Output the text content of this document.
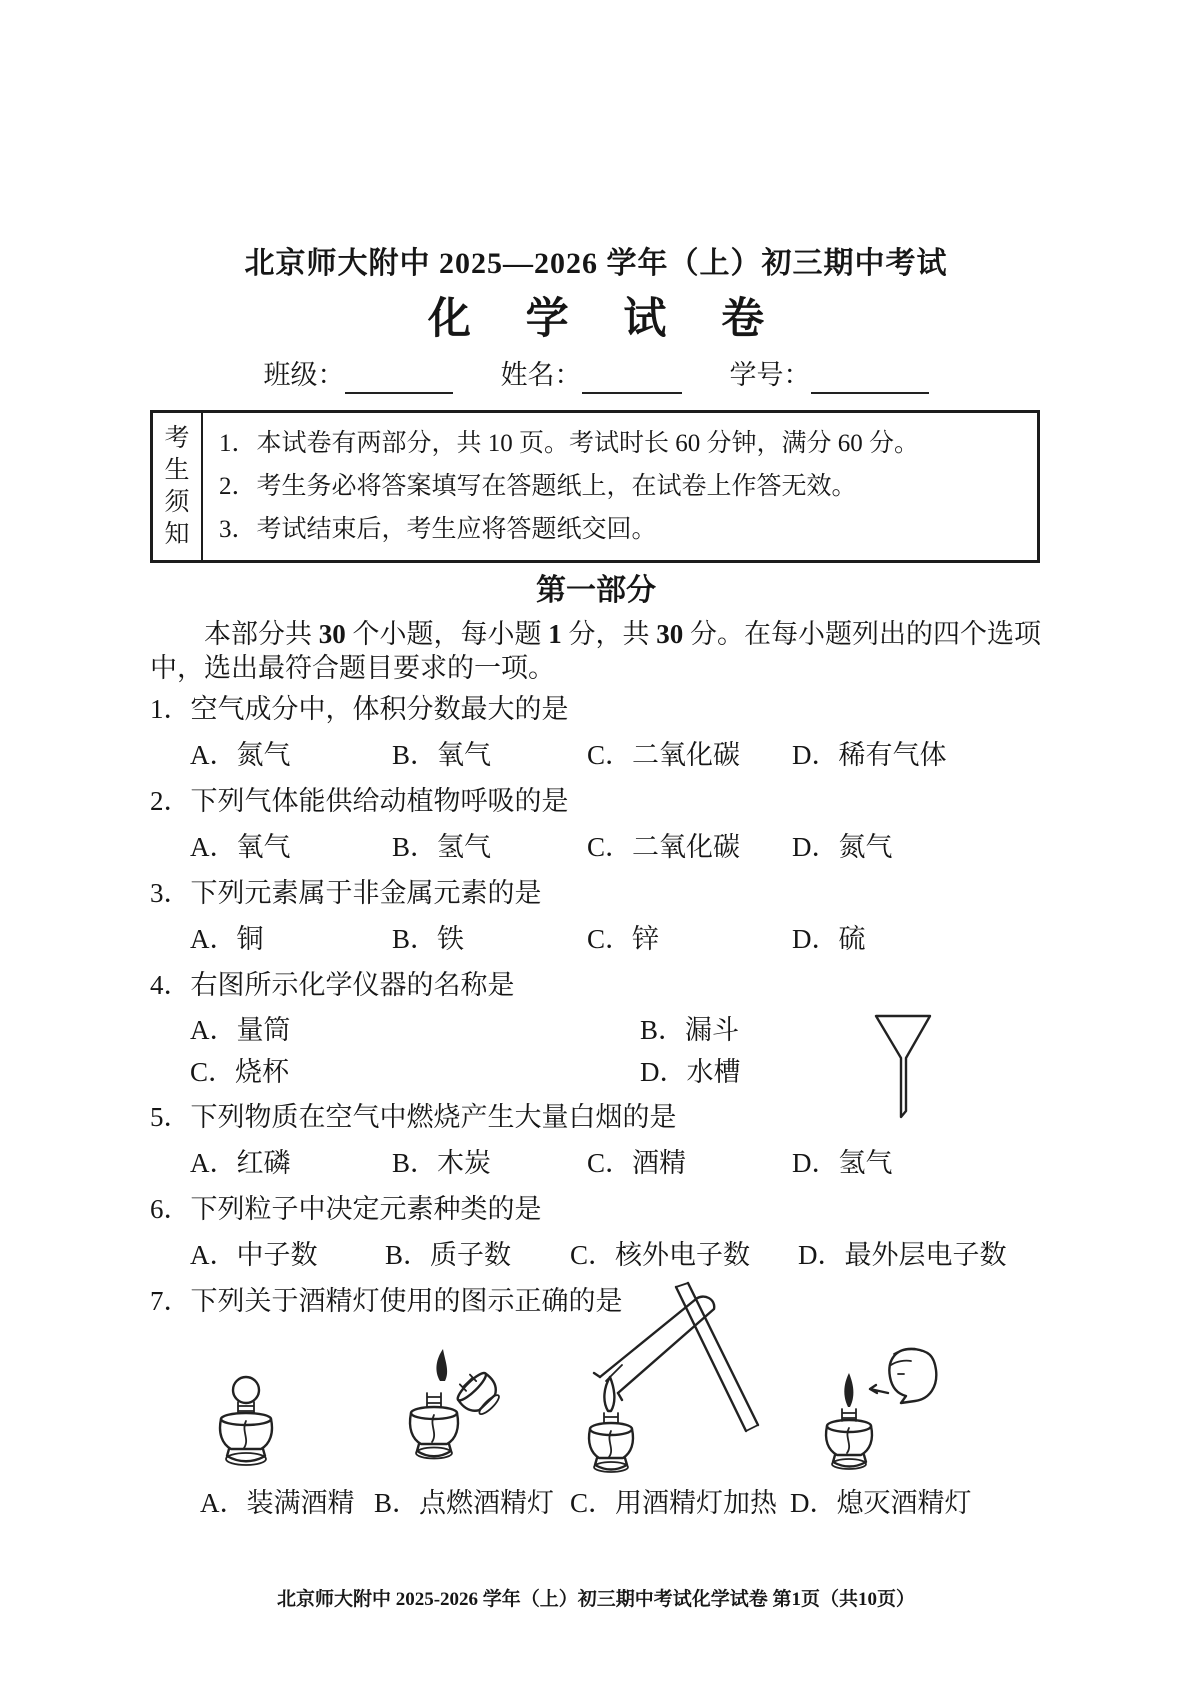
北京师大附中 2025—2026 学年（上）初三期中考试
化 学 试 卷
班级：	姓名：	学号：
考
生
须
知
1．本试卷有两部分，共 10 页。考试时长 60 分钟，满分 60 分。
2．考生务必将答案填写在答题纸上，在试卷上作答无效。
3．考试结束后，考生应将答题纸交回。
第一部分

本部分共 30 个小题，每小题 1 分，共 30 分。在每小题列出的四个选项中，选出最符合题目要求的一项。

1．空气成分中，体积分数最大的是
A．氮气	B．氧气	C．二氧化碳	D．稀有气体
2．下列气体能供给动植物呼吸的是
A．氧气	B．氢气	C．二氧化碳	D．氮气
3．下列元素属于非金属元素的是
A．铜	B．铁	C．锌	D．硫
4．右图所示化学仪器的名称是
A．量筒	B．漏斗
C．烧杯	D．水槽
5．下列物质在空气中燃烧产生大量白烟的是
A．红磷	B．木炭	C．酒精	D．氢气
6．下列粒子中决定元素种类的是
A．中子数	B．质子数	C．核外电子数	D．最外层电子数
7．下列关于酒精灯使用的图示正确的是
A．装满酒精 B．点燃酒精灯 C．用酒精灯加热 D．熄灭酒精灯
北京师大附中 2025-2026 学年（上）初三期中考试化学试卷 第1页（共10页）
